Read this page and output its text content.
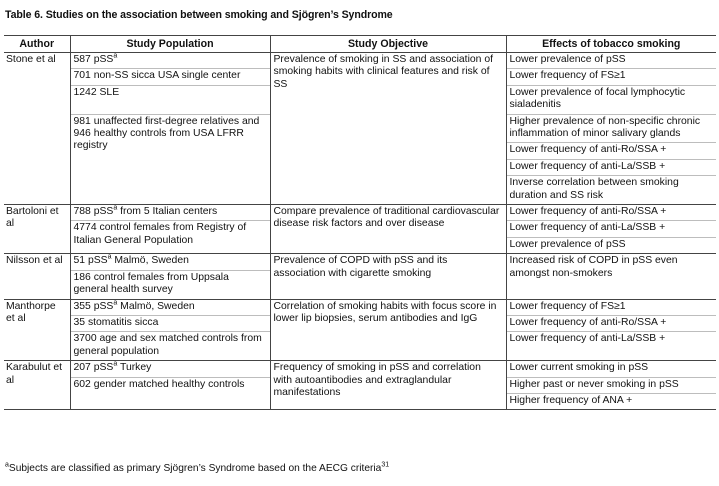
Table 6. Studies on the association between smoking and Sjögren’s Syndrome
Author	Study Population	Study Objective	Effects of tobacco smoking
Stone et al	587 pSS$^a$	Prevalence of smoking in SS and association of smoking habits with clinical features and risk of SS	Lower prevalence of pSS
	701 non-SS sicca USA single center		Lower frequency of FS≥1
	1242 SLE		Lower prevalence of focal lymphocytic sialadenitis
	981 unaffected first-degree relatives and 946 healthy controls from USA LFRR registry		Higher prevalence of non-specific chronic inflammation of minor salivary glands
			Lower frequency of anti-Ro/SSA +
			Lower frequency of anti-La/SSB +
			Inverse correlation between smoking duration and SS risk
Bartoloni et al	788 pSS$^a$ from 5 Italian centers	Compare prevalence of traditional cardiovascular disease risk factors and over disease	Lower frequency of anti-Ro/SSA +
	4774 control females from Registry of Italian General Population		Lower frequency of anti-La/SSB +
			Lower prevalence of pSS
Nilsson et al	51 pSS$^a$ Malmö, Sweden	Prevalence of COPD with pSS and its association with cigarette smoking	Increased risk of COPD in pSS even amongst non-smokers
	186 control females from Uppsala general health survey		
Manthorpe et al	355 pSS$^a$ Malmö, Sweden	Correlation of smoking habits with focus score in lower lip biopsies, serum antibodies and IgG	Lower frequency of FS≥1
	35 stomatitis sicca		Lower frequency of anti-Ro/SSA +
	3700 age and sex matched controls from general population		Lower frequency of anti-La/SSB +
Karabulut et al	207 pSS$^a$ Turkey	Frequency of smoking in pSS and correlation with autoantibodies and extraglandular manifestations	Lower current smoking in pSS
	602 gender matched healthy controls		Higher past or never smoking in pSS
			Higher frequency of ANA +
$^a$Subjects are classified as primary Sjögren’s Syndrome based on the AECG criteria$^{31}$
